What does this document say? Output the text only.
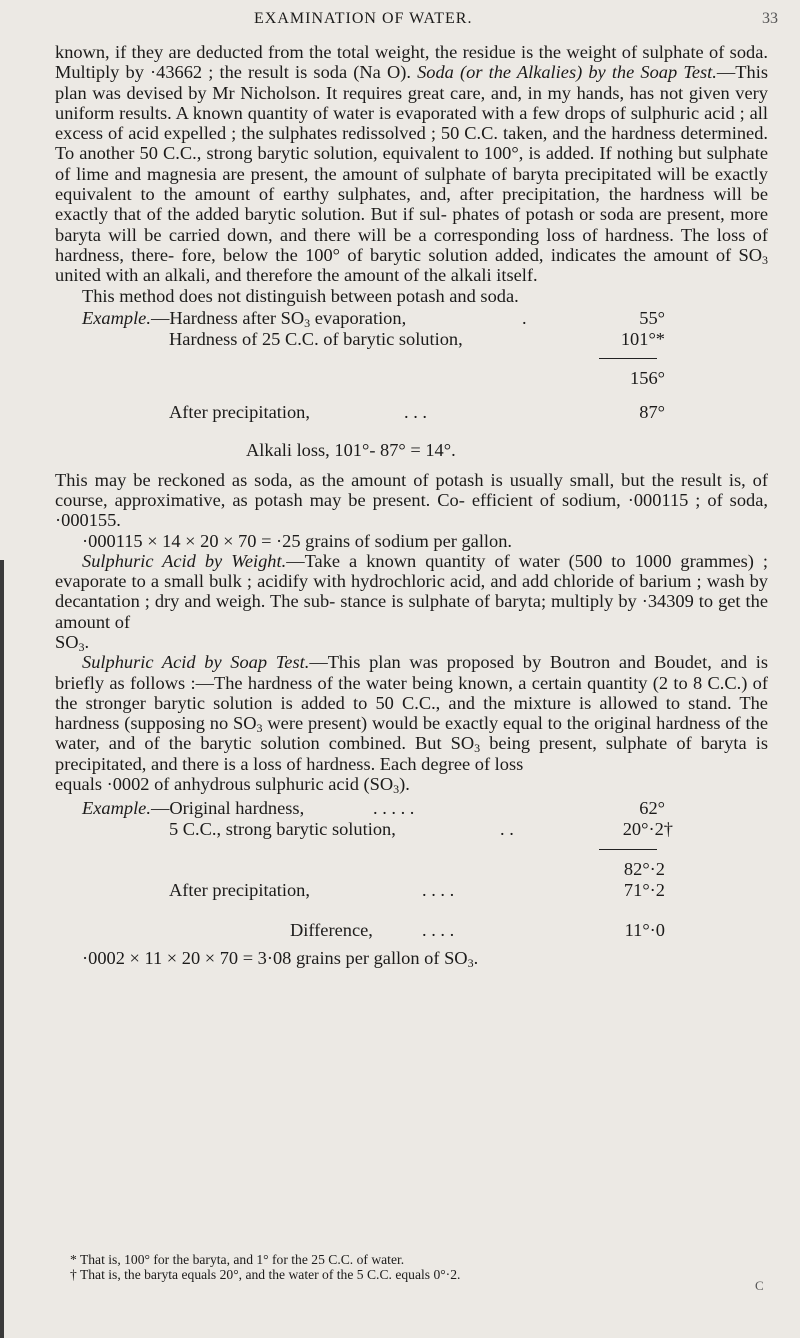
EXAMINATION OF WATER.	33

known, if they are deducted from the total weight, the residue is the weight of sulphate of soda. Multiply by ·43662 ; the result is soda (Na O). Soda (or the Alkalies) by the Soap Test.—This plan was devised by Mr Nicholson. It requires great care, and, in my hands, has not given very uniform results. A known quantity of water is evaporated with a few drops of sulphuric acid ; all excess of acid expelled ; the sulphates redissolved ; 50 C.C. taken, and the hardness determined. To another 50 C.C., strong barytic solution, equivalent to 100°, is added. If nothing but sulphate of lime and magnesia are present, the amount of sulphate of baryta precipitated will be exactly equivalent to the amount of earthy sulphates, and, after precipitation, the hardness will be exactly that of the added barytic solution. But if sul- phates of potash or soda are present, more baryta will be carried down, and there will be a corresponding loss of hardness. The loss of hardness, there- fore, below the 100° of barytic solution added, indicates the amount of $SO_3$ united with an alkali, and therefore the amount of the alkali itself.

This method does not distinguish between potash and soda.

Example.—Hardness after $SO_3$ evaporation,	.	55°
Hardness of 25 C.C. of barytic solution,	101°*
156°
After precipitation,	. . .	87°
Alkali loss, 101°- 87° = 14°.

This may be reckoned as soda, as the amount of potash is usually small, but the result is, of course, approximative, as potash may be present. Co- efficient of sodium, ·000115 ; of soda, ·000155.

·000115 × 14 × 20 × 70 = ·25 grains of sodium per gallon.

Sulphuric Acid by Weight.—Take a known quantity of water (500 to 1000 grammes) ; evaporate to a small bulk ; acidify with hydrochloric acid, and add chloride of barium ; wash by decantation ; dry and weigh. The sub- stance is sulphate of baryta; multiply by ·34309 to get the amount of

$SO_3$.

Sulphuric Acid by Soap Test.—This plan was proposed by Boutron and Boudet, and is briefly as follows :—The hardness of the water being known, a certain quantity (2 to 8 C.C.) of the stronger barytic solution is added to 50 C.C., and the mixture is allowed to stand. The hardness (supposing no $SO_3$ were present) would be exactly equal to the original hardness of the water, and of the barytic solution combined. But $SO_3$ being present, sulphate of baryta is precipitated, and there is a loss of hardness. Each degree of loss

equals ·0002 of anhydrous sulphuric acid $(SO_3)$.

Example.—Original hardness,	. . . . .	62°
5 C.C., strong barytic solution,	. .	20°·2†
82°·2
After precipitation,	. . . .	71°·2
Difference,	. . . .	11°·0
·0002 × 11 × 20 × 70 = 3·08 grains per gallon of $SO_3$.
* That is, 100° for the baryta, and 1° for the 25 C.C. of water.
† That is, the baryta equals 20°, and the water of the 5 C.C. equals 0°·2.
C
